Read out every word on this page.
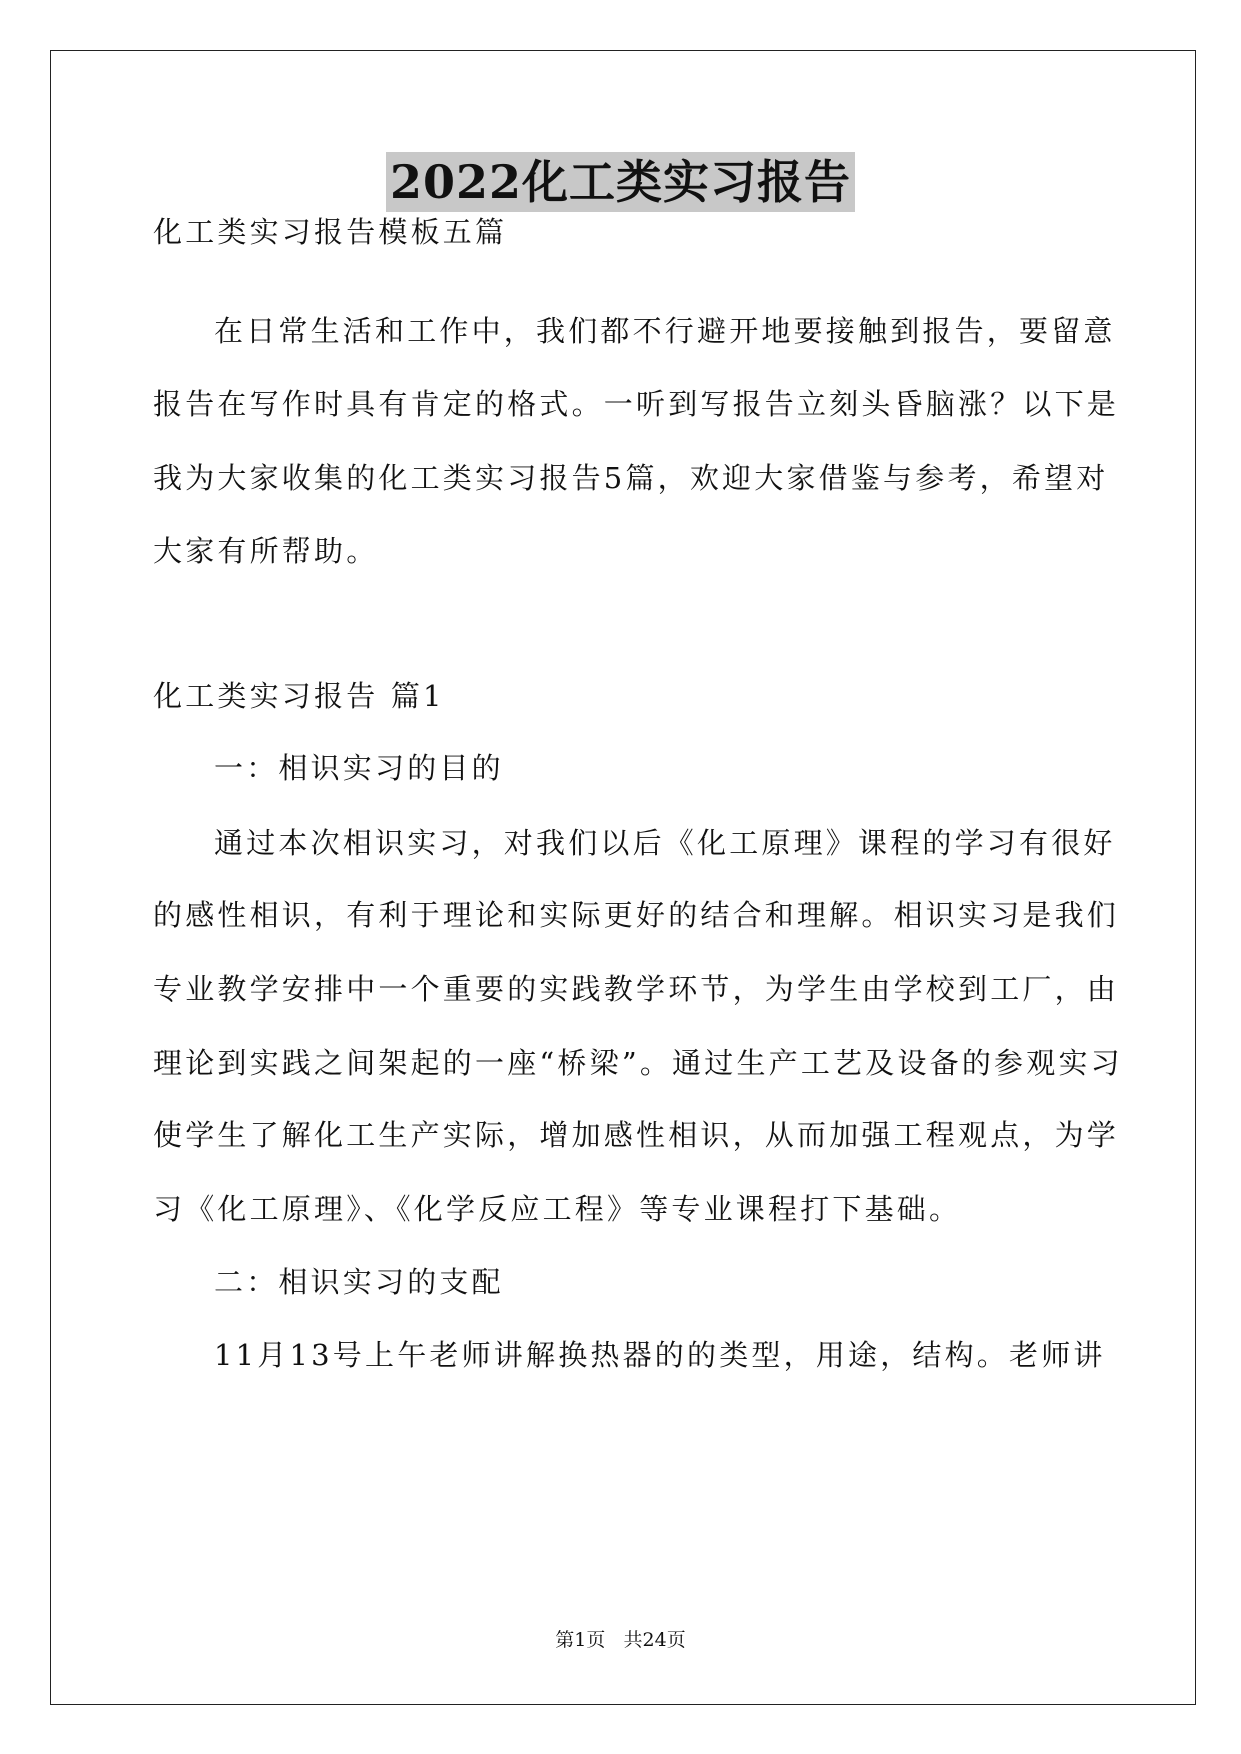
2022化工类实习报告
化工类实习报告模板五篇
在日常生活和工作中，我们都不行避开地要接触到报告，要留意
报告在写作时具有肯定的格式。一听到写报告立刻头昏脑涨？以下是
我为大家收集的化工类实习报告5篇，欢迎大家借鉴与参考，希望对
大家有所帮助。
化工类实习报告 篇1
一：相识实习的目的
通过本次相识实习，对我们以后《化工原理》课程的学习有很好
的感性相识，有利于理论和实际更好的结合和理解。相识实习是我们
专业教学安排中一个重要的实践教学环节，为学生由学校到工厂，由
理论到实践之间架起的一座“桥梁”。通过生产工艺及设备的参观实习
使学生了解化工生产实际，增加感性相识，从而加强工程观点，为学
习《化工原理》、《化学反应工程》等专业课程打下基础。
二：相识实习的支配
11月13号上午老师讲解换热器的的类型，用途，结构。老师讲
第1页 共24页
